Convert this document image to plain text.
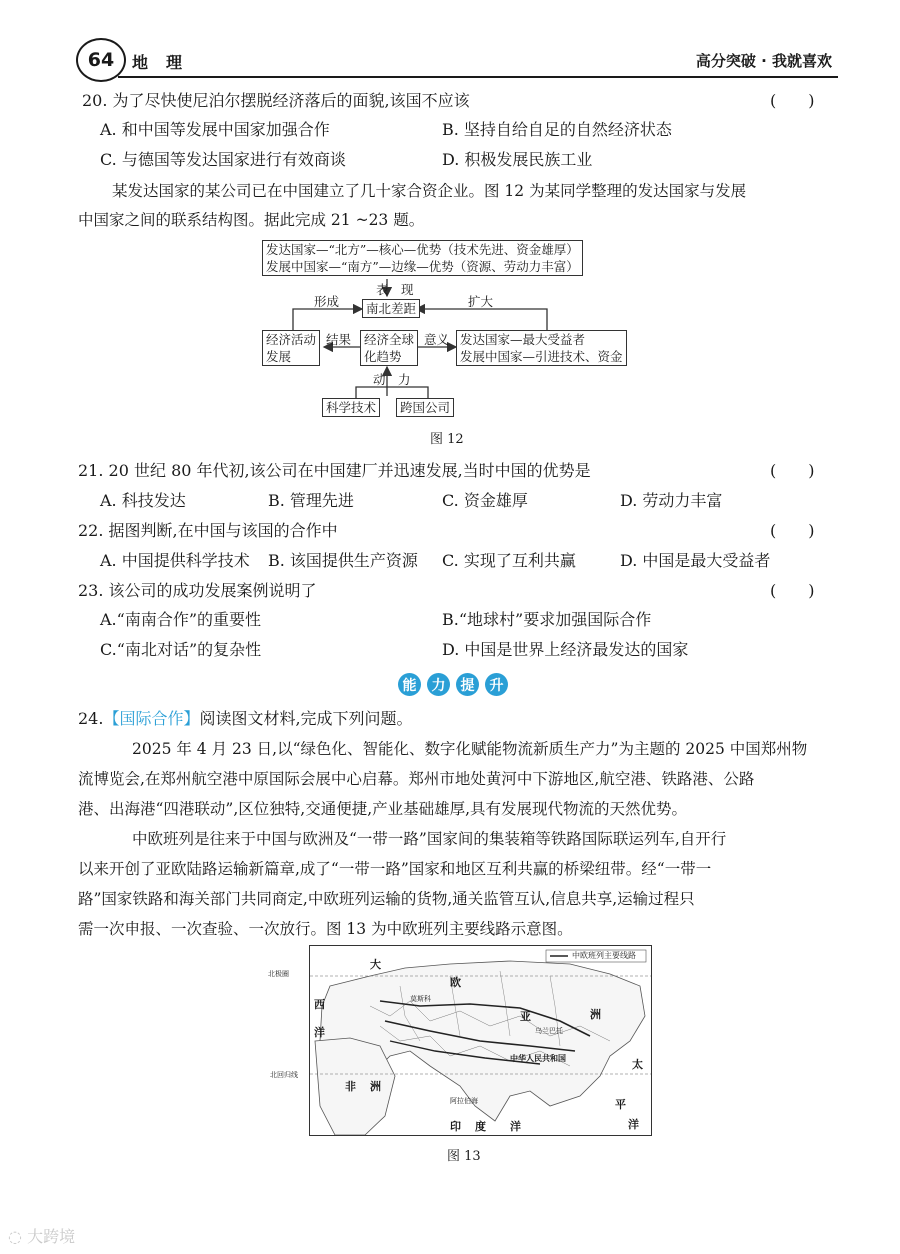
64	地理	高分突破 · 我就喜欢
20. 为了尽快使尼泊尔摆脱经济落后的面貌,该国不应该	(　　)
A. 和中国等发展中国家加强合作	B. 坚持自给自足的自然经济状态
C. 与德国等发达国家进行有效商谈	D. 积极发展民族工业
某发达国家的某公司已在中国建立了几十家合资企业。图 12 为某同学整理的发达国家与发展
中国家之间的联系结构图。据此完成 21 ~23 题。
发达国家—“北方”—核心—优势（技术先进、资金雄厚）
发展中国家—“南方”—边缘—优势（资源、劳动力丰富）
表　现
形成	扩大
南北差距
经济活动
发展
结果 经济全球
化趋势
意义 发达国家—最大受益者
发展中国家—引进技术、资金
动　力
科学技术	跨国公司
图 12
21. 20 世纪 80 年代初,该公司在中国建厂并迅速发展,当时中国的优势是	(　　)
A. 科技发达	B. 管理先进	C. 资金雄厚	D. 劳动力丰富
22. 据图判断,在中国与该国的合作中	(　　)
A. 中国提供科学技术 B. 该国提供生产资源 C. 实现了互利共赢	D. 中国是最大受益者
23. 该公司的成功发展案例说明了	(　　)
A.“南南合作”的重要性	B.“地球村”要求加强国际合作
C.“南北对话”的复杂性	D. 中国是世界上经济最发达的国家
能	力	提	升
24.【国际合作】阅读图文材料,完成下列问题。
2025 年 4 月 23 日,以“绿色化、智能化、数字化赋能物流新质生产力”为主题的 2025 中国郑州物
流博览会,在郑州航空港中原国际会展中心启幕。郑州市地处黄河中下游地区,航空港、铁路港、公路
港、出海港“四港联动”,区位独特,交通便捷,产业基础雄厚,具有发展现代物流的天然优势。
中欧班列是往来于中国与欧洲及“一带一路”国家间的集装箱等铁路国际联运列车,自开行
以来开创了亚欧陆路运输新篇章,成了“一带一路”国家和地区互利共赢的桥梁纽带。经“一带一
路”国家铁路和海关部门共同商定,中欧班列运输的货物,通关监管互认,信息共享,运输过程只
需一次申报、一次查验、一次放行。图 13 为中欧班列主要线路示意图。
中欧班列主要线路
大
西
洋
亚	洲
非 洲
欧
印 度 洋
太
平
洋
中华人民共和国
乌兰巴托
阿拉伯海
莫斯科
北极圈
北回归线
图 13
◌ 大跨境
